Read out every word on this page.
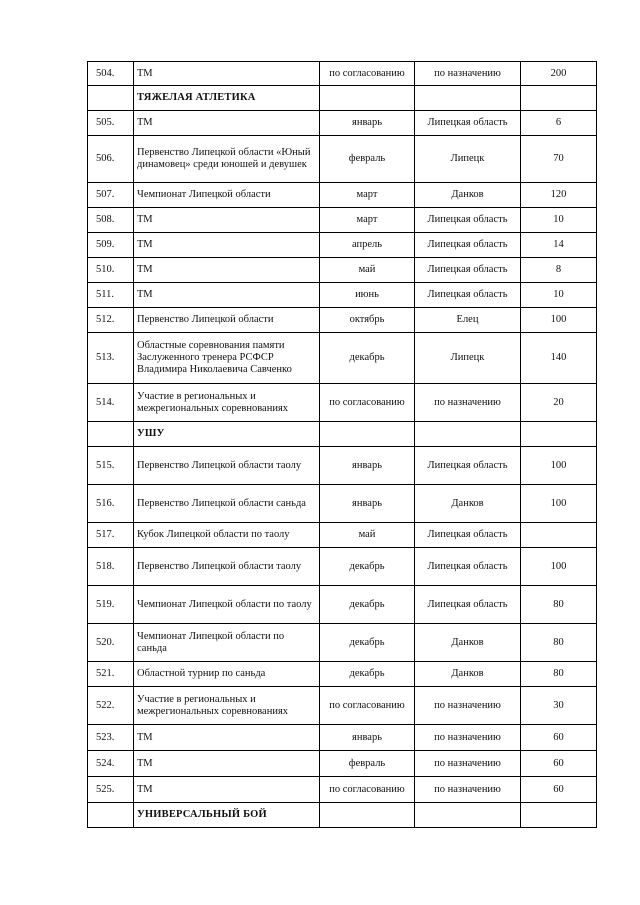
504.	ТМ	по согласованию	по назначению	200
	ТЯЖЕЛАЯ АТЛЕТИКА			
505.	ТМ	январь	Липецкая область	6
506.	Первенство Липецкой области «Юный динамовец» среди юношей и девушек	февраль	Липецк	70
507.	Чемпионат Липецкой области	март	Данков	120
508.	ТМ	март	Липецкая область	10
509.	ТМ	апрель	Липецкая область	14
510.	ТМ	май	Липецкая область	8
511.	ТМ	июнь	Липецкая область	10
512.	Первенство Липецкой области	октябрь	Елец	100
513.	Областные соревнования памяти Заслуженного тренера РСФСР Владимира Николаевича Савченко	декабрь	Липецк	140
514.	Участие в региональных и межрегиональных соревнованиях	по согласованию	по назначению	20
	УШУ			
515.	Первенство Липецкой области таолу	январь	Липецкая область	100
516.	Первенство Липецкой области саньда	январь	Данков	100
517.	Кубок Липецкой области по таолу	май	Липецкая область	
518.	Первенство Липецкой области таолу	декабрь	Липецкая область	100
519.	Чемпионат Липецкой области по таолу	декабрь	Липецкая область	80
520.	Чемпионат Липецкой области по саньда	декабрь	Данков	80
521.	Областной турнир по саньда	декабрь	Данков	80
522.	Участие в региональных и межрегиональных соревнованиях	по согласованию	по назначению	30
523.	ТМ	январь	по назначению	60
524.	ТМ	февраль	по назначению	60
525.	ТМ	по согласованию	по назначению	60
	УНИВЕРСАЛЬНЫЙ БОЙ			
